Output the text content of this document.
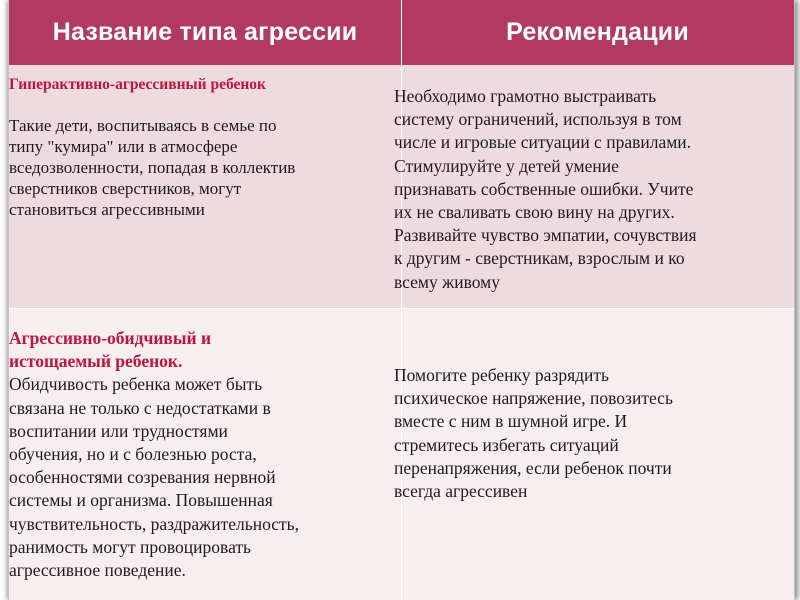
Название типа агрессии	Рекомендации
Гиперактивно-агрессивный ребенок
Такие дети, воспитываясь в семье по
типу "кумира" или в атмосфере
вседозволенности, попадая в коллектив
сверстников сверстников, могут
становиться агрессивными
Необходимо грамотно выстраивать
систему ограничений, используя в том
числе и игровые ситуации с правилами.
Стимулируйте у детей умение
признавать собственные ошибки. Учите
их не сваливать свою вину на других.
Развивайте чувство эмпатии, сочувствия
к другим - сверстникам, взрослым и ко
всему живому
Агрессивно-обидчивый и
истощаемый ребенок.
Обидчивость ребенка может быть
связана не только с недостатками в
воспитании или трудностями
обучения, но и с болезнью роста,
особенностями созревания нервной
системы и организма. Повышенная
чувствительность, раздражительность,
ранимость могут провоцировать
агрессивное поведение.
Помогите ребенку разрядить
психическое напряжение, повозитесь
вместе с ним в шумной игре. И
стремитесь избегать ситуаций
перенапряжения, если ребенок почти
всегда агрессивен
